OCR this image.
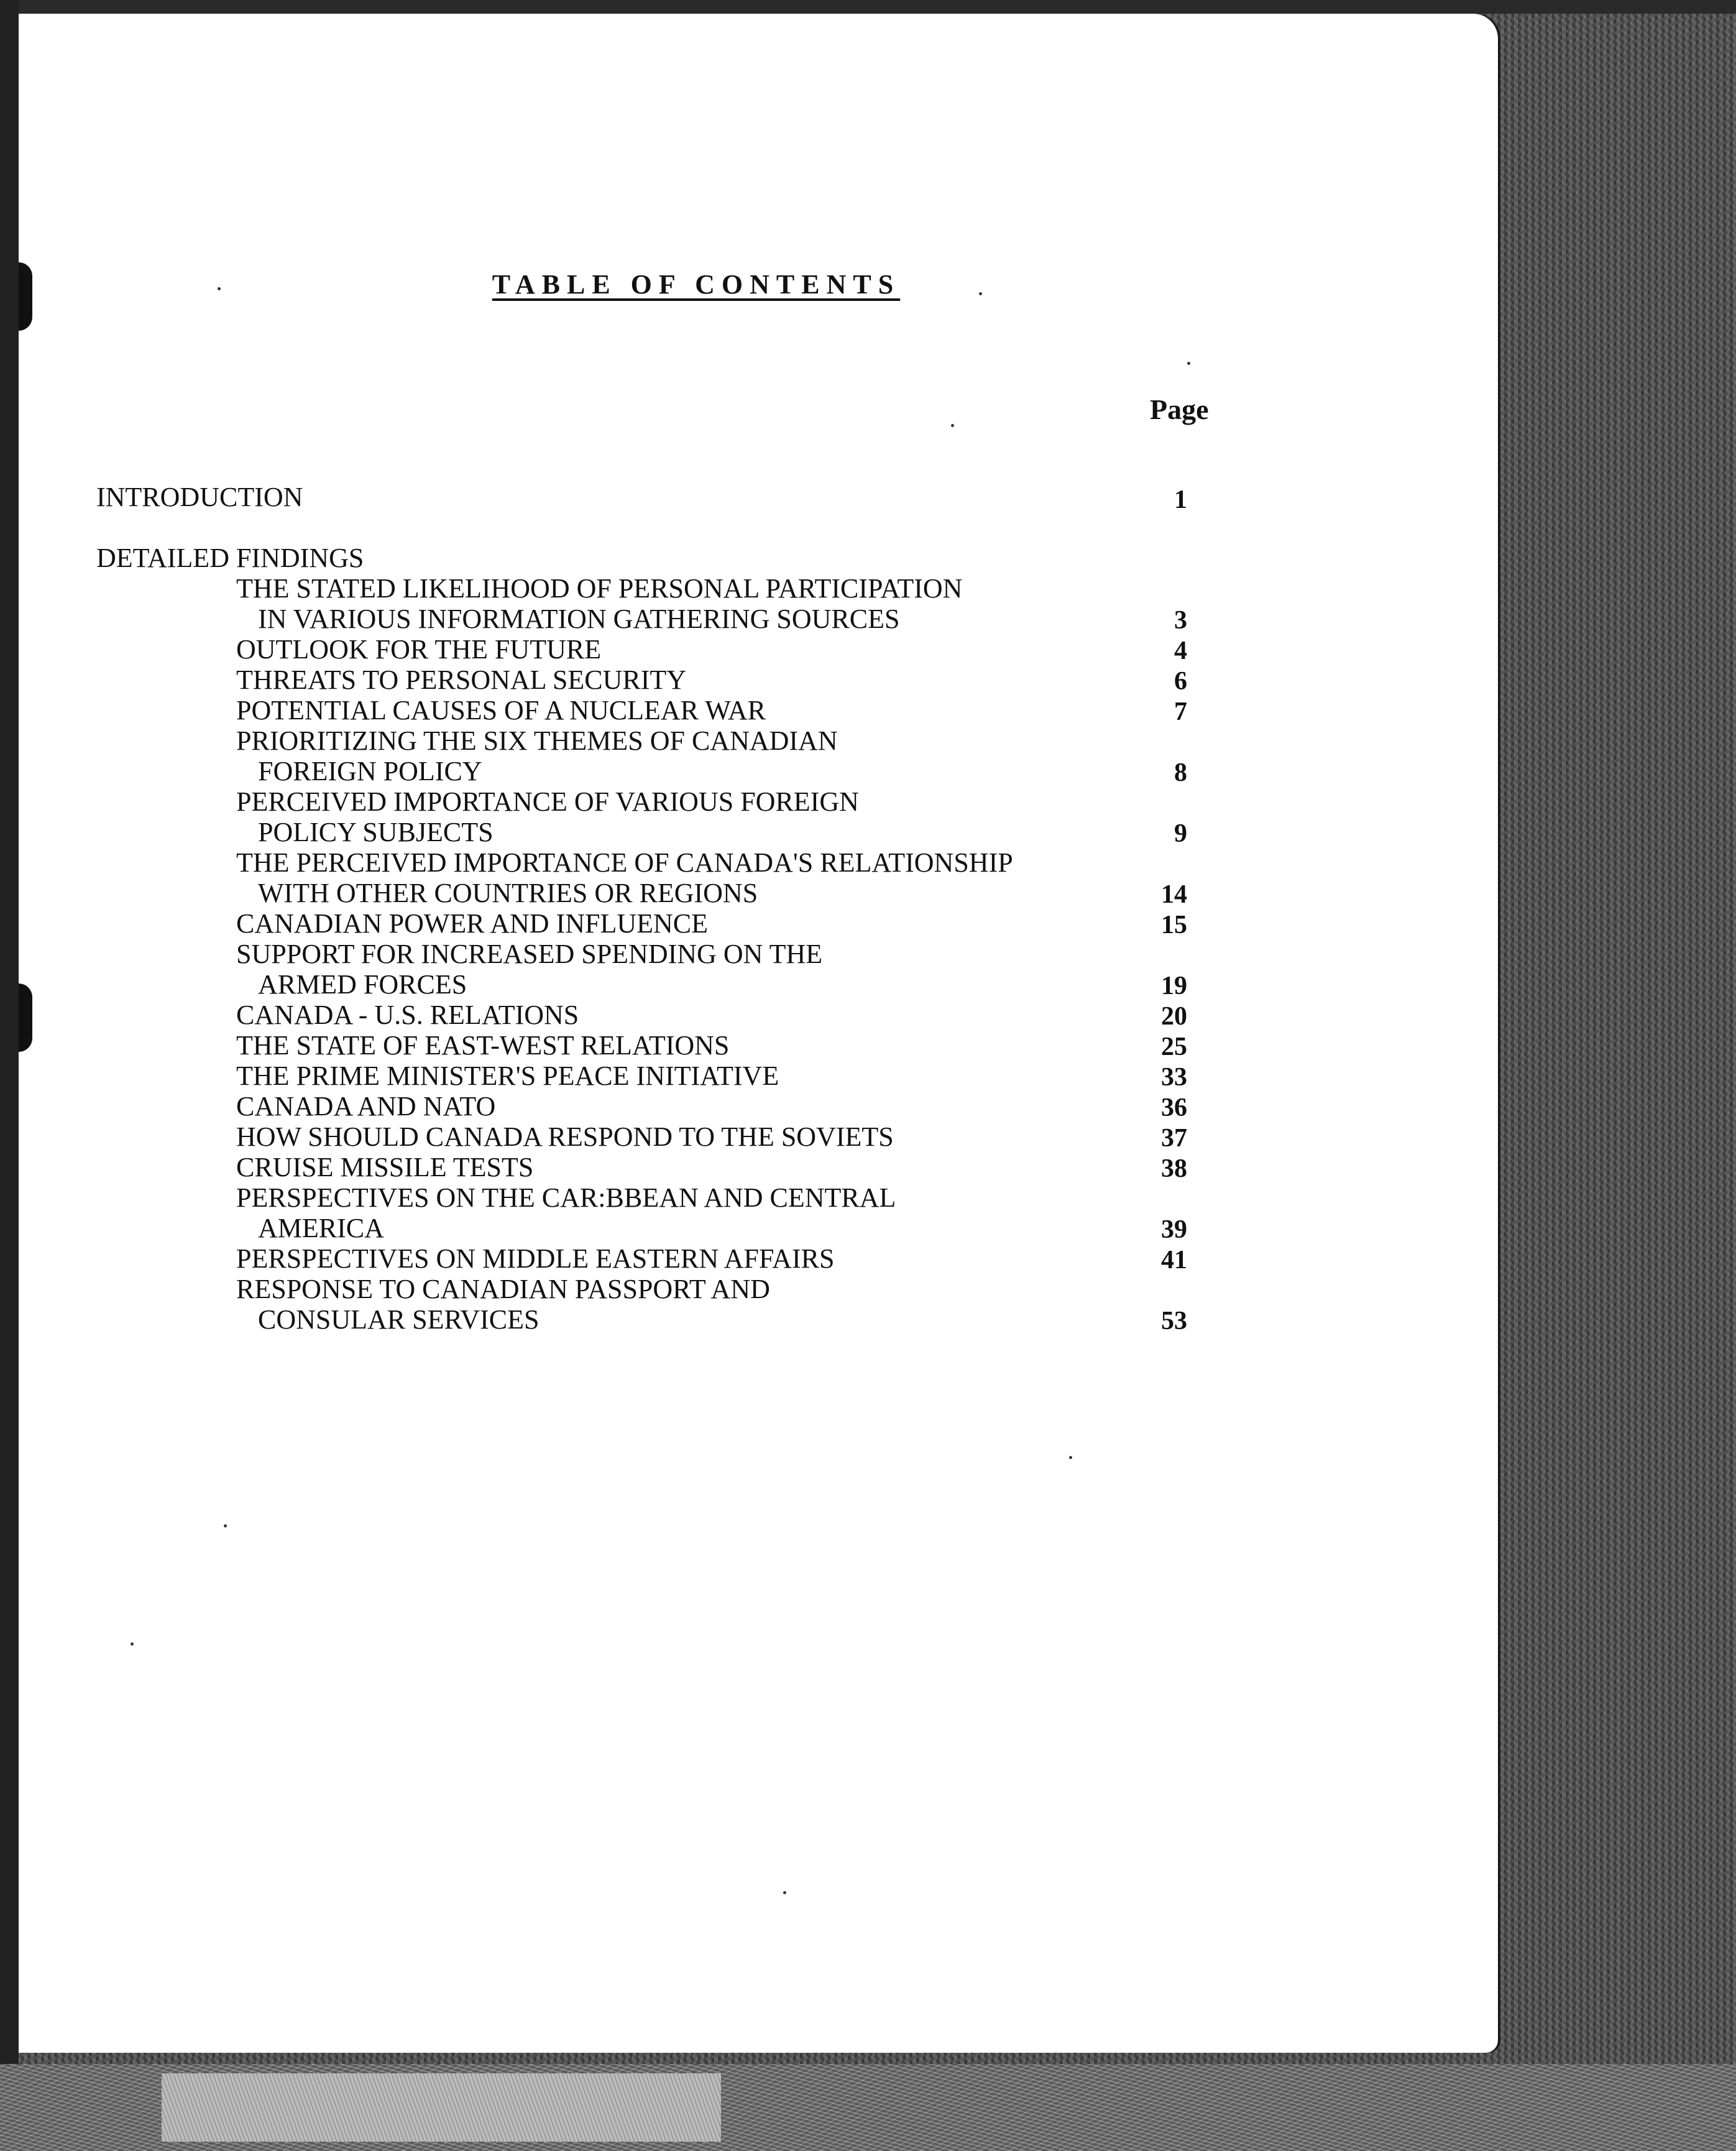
TABLE OF CONTENTS
Page
INTRODUCTION	1
DETAILED FINDINGS
THE STATED LIKELIHOOD OF PERSONAL PARTICIPATION
IN VARIOUS INFORMATION GATHERING SOURCES	3
OUTLOOK FOR THE FUTURE	4
THREATS TO PERSONAL SECURITY	6
POTENTIAL CAUSES OF A NUCLEAR WAR	7
PRIORITIZING THE SIX THEMES OF CANADIAN
FOREIGN POLICY	8
PERCEIVED IMPORTANCE OF VARIOUS FOREIGN
POLICY SUBJECTS	9
THE PERCEIVED IMPORTANCE OF CANADA'S RELATIONSHIP
WITH OTHER COUNTRIES OR REGIONS	14
CANADIAN POWER AND INFLUENCE	15
SUPPORT FOR INCREASED SPENDING ON THE
ARMED FORCES	19
CANADA - U.S. RELATIONS	20
THE STATE OF EAST-WEST RELATIONS	25
THE PRIME MINISTER'S PEACE INITIATIVE	33
CANADA AND NATO	36
HOW SHOULD CANADA RESPOND TO THE SOVIETS	37
CRUISE MISSILE TESTS	38
PERSPECTIVES ON THE CAR:BBEAN AND CENTRAL
AMERICA	39
PERSPECTIVES ON MIDDLE EASTERN AFFAIRS	41
RESPONSE TO CANADIAN PASSPORT AND
CONSULAR SERVICES	53
